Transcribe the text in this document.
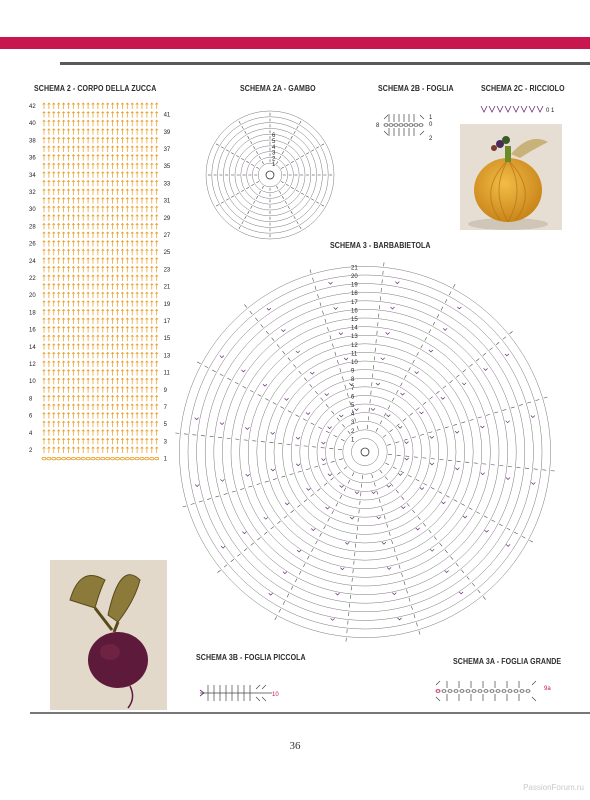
SCHEMA 2 - CORPO DELLA ZUCCA	SCHEMA 2A - GAMBO	SCHEMA 2B - FOGLIA	SCHEMA 2C - RICCIOLO
SCHEMA 3 - BARBABIETOLA
SCHEMA 3B - FOGLIA PICCOLA	SCHEMA 3A - FOGLIA GRANDE
42
40
38
36
34
32
30
28
26
24
22
20
18
16
14
12
10
8
6
4
2
41
39
37
35
33
31
29
27
25
23
21
19
17
15
13
11
9
7
5
3
1
6
5
4
3
2
1
8
1
0
2
0 1
21
20
19
18
17
16
15
14
13
12
11
10
9
8
7
6
5
4
3
2
1
10
9a
36
PassionForum.ru
